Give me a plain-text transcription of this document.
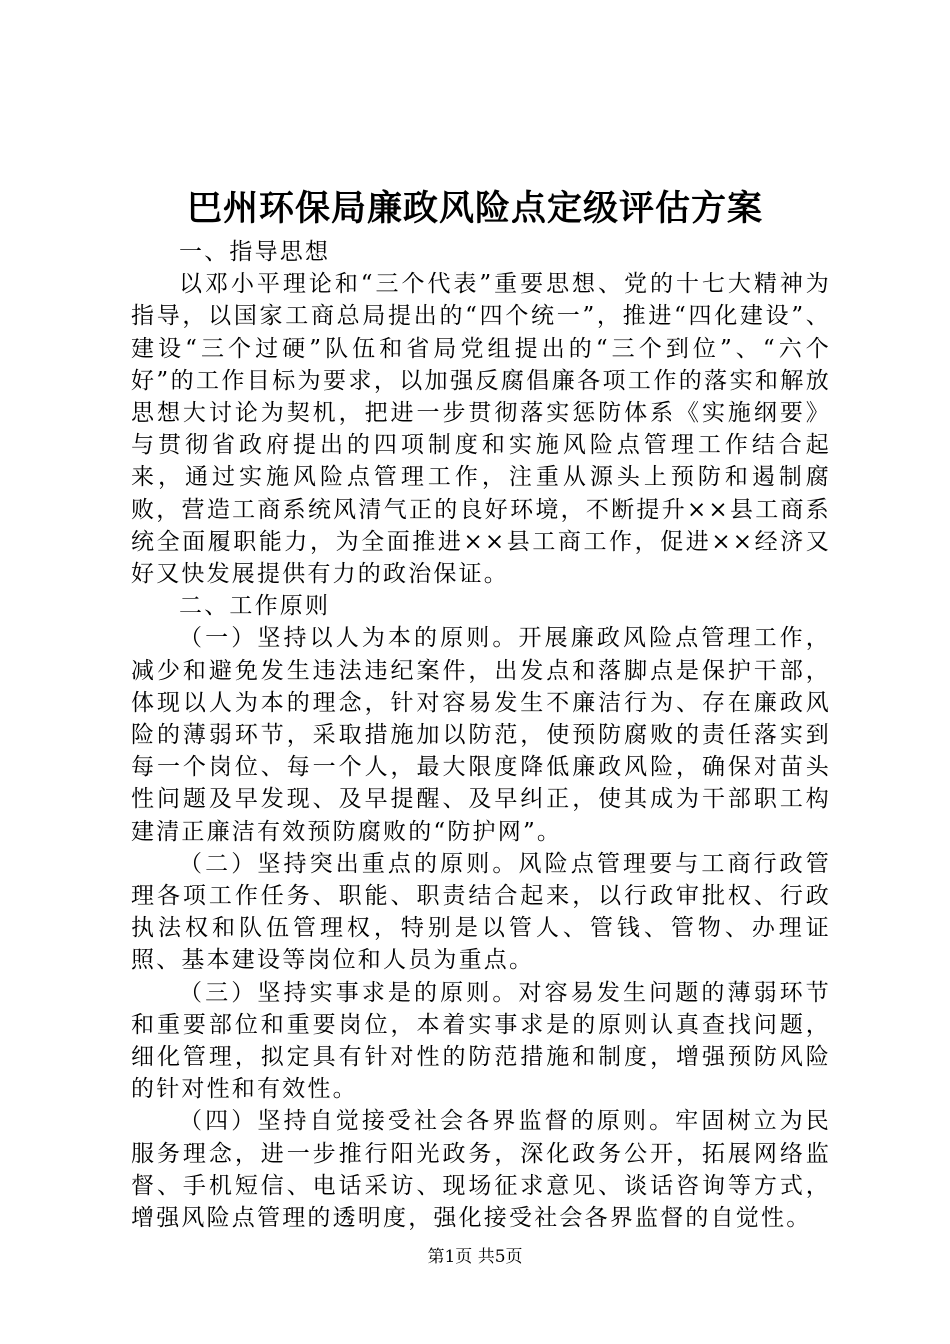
巴州环保局廉政风险点定级评估方案

一、指导思想

以邓小平理论和“三个代表”重要思想、党的十七大精神为指导，以国家工商总局提出的“四个统一”，推进“四化建设”、建设“三个过硬”队伍和省局党组提出的“三个到位”、“六个好”的工作目标为要求，以加强反腐倡廉各项工作的落实和解放思想大讨论为契机，把进一步贯彻落实惩防体系《实施纲要》与贯彻省政府提出的四项制度和实施风险点管理工作结合起来，通过实施风险点管理工作，注重从源头上预防和遏制腐败，营造工商系统风清气正的良好环境，不断提升××县工商系统全面履职能力，为全面推进××县工商工作，促进××经济又好又快发展提供有力的政治保证。

二、工作原则

（一）坚持以人为本的原则。开展廉政风险点管理工作，减少和避免发生违法违纪案件，出发点和落脚点是保护干部，体现以人为本的理念，针对容易发生不廉洁行为、存在廉政风险的薄弱环节，采取措施加以防范，使预防腐败的责任落实到每一个岗位、每一个人，最大限度降低廉政风险，确保对苗头性问题及早发现、及早提醒、及早纠正，使其成为干部职工构建清正廉洁有效预防腐败的“防护网”。

（二）坚持突出重点的原则。风险点管理要与工商行政管理各项工作任务、职能、职责结合起来，以行政审批权、行政执法权和队伍管理权，特别是以管人、管钱、管物、办理证照、基本建设等岗位和人员为重点。

（三）坚持实事求是的原则。对容易发生问题的薄弱环节和重要部位和重要岗位，本着实事求是的原则认真查找问题，细化管理，拟定具有针对性的防范措施和制度，增强预防风险的针对性和有效性。

（四）坚持自觉接受社会各界监督的原则。牢固树立为民服务理念，进一步推行阳光政务，深化政务公开，拓展网络监督、手机短信、电话采访、现场征求意见、谈话咨询等方式，增强风险点管理的透明度，强化接受社会各界监督的自觉性。

第1页 共5页
